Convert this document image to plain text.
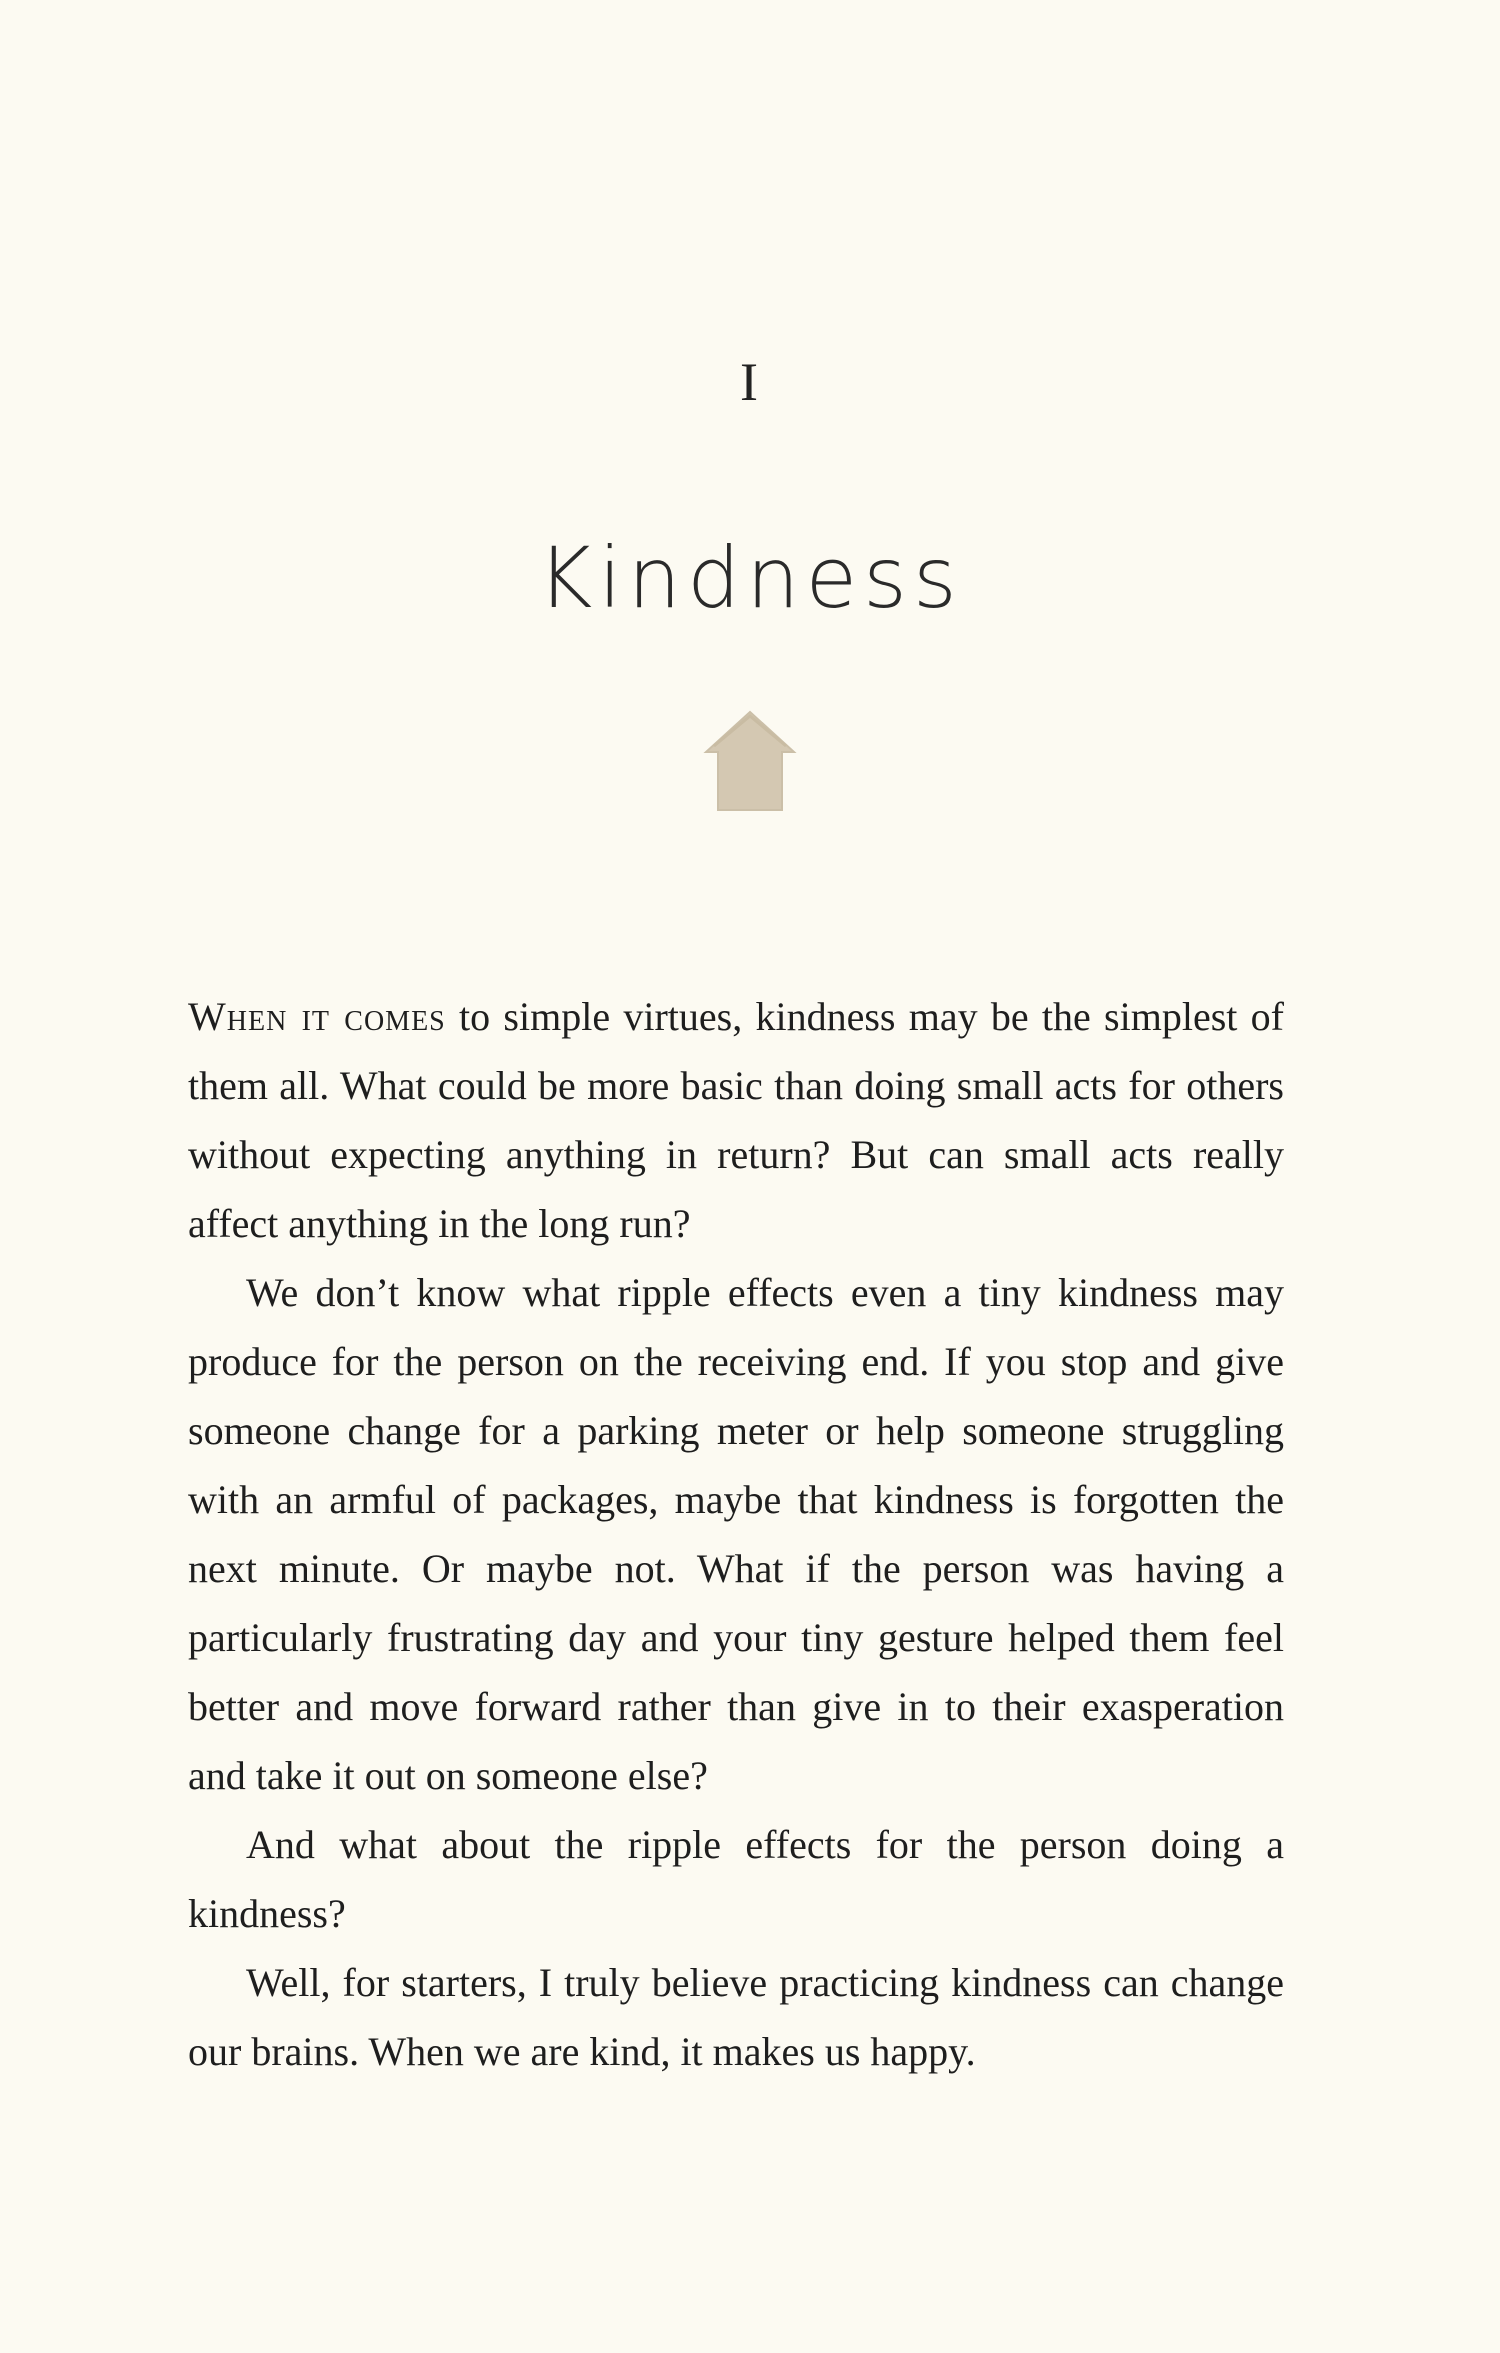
I
Kindness

When it comes to simple virtues, kindness may be the simplest of them all. What could be more basic than doing small acts for others without expecting anything in return? But can small acts really affect anything in the long run?

We don’t know what ripple effects even a tiny kindness may produce for the person on the receiving end. If you stop and give someone change for a parking meter or help someone struggling with an armful of packages, maybe that kindness is forgotten the next minute. Or maybe not. What if the person was having a particularly frustrating day and your tiny gesture helped them feel better and move forward rather than give in to their exasperation and take it out on someone else?

And what about the ripple effects for the person doing a kindness?

Well, for starters, I truly believe practicing kindness can change our brains. When we are kind, it makes us happy.
